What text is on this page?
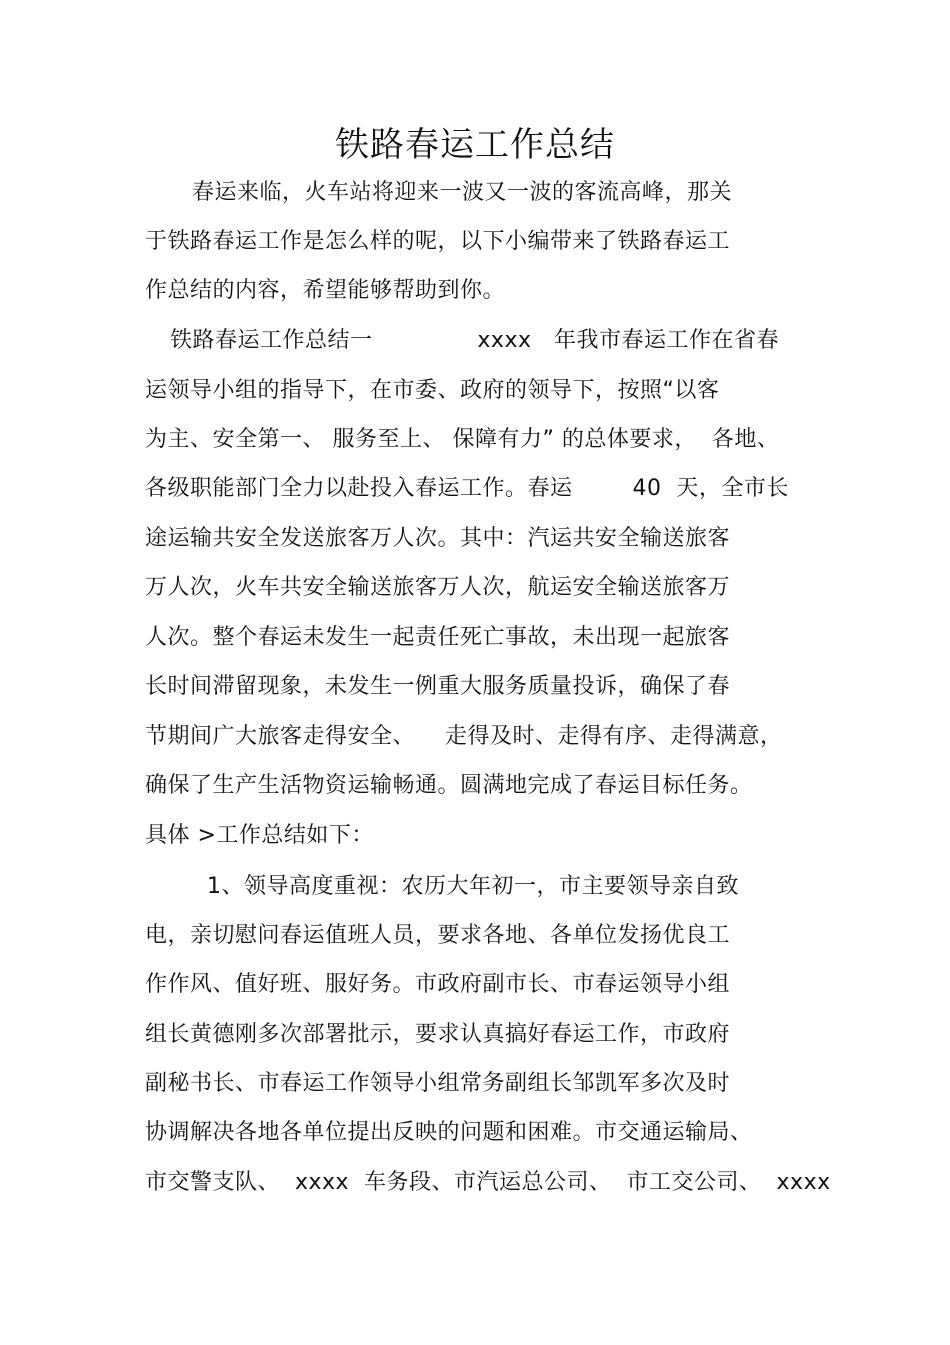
铁路春运工作总结
春运来临，火车站将迎来一波又一波的客流高峰，那关
于铁路春运工作是怎么样的呢，以下小编带来了铁路春运工
作总结的内容，希望能够帮助到你。
铁路春运工作总结一              xxxx   年我市春运工作在省春
运领导小组的指导下，在市委、政府的领导下，按照“以客
为主、安全第一、 服务至上、 保障有力” 的总体要求，  各地、
各级职能部门全力以赴投入春运工作。春运        40  天，全市长
途运输共安全发送旅客万人次。其中：汽运共安全输送旅客
万人次，火车共安全输送旅客万人次，航运安全输送旅客万
人次。整个春运未发生一起责任死亡事故，未出现一起旅客
长时间滞留现象，未发生一例重大服务质量投诉，确保了春
节期间广大旅客走得安全、    走得及时、走得有序、走得满意，
确保了生产生活物资运输畅通。圆满地完成了春运目标任务。
具体 >工作总结如下：
1、领导高度重视：农历大年初一，市主要领导亲自致
电，亲切慰问春运值班人员，要求各地、各单位发扬优良工
作作风、值好班、服好务。市政府副市长、市春运领导小组
组长黄德刚多次部署批示，要求认真搞好春运工作，市政府
副秘书长、市春运工作领导小组常务副组长邹凯军多次及时
协调解决各地各单位提出反映的问题和困难。市交通运输局、
市交警支队、  xxxx  车务段、市汽运总公司、  市工交公司、  xxxx
